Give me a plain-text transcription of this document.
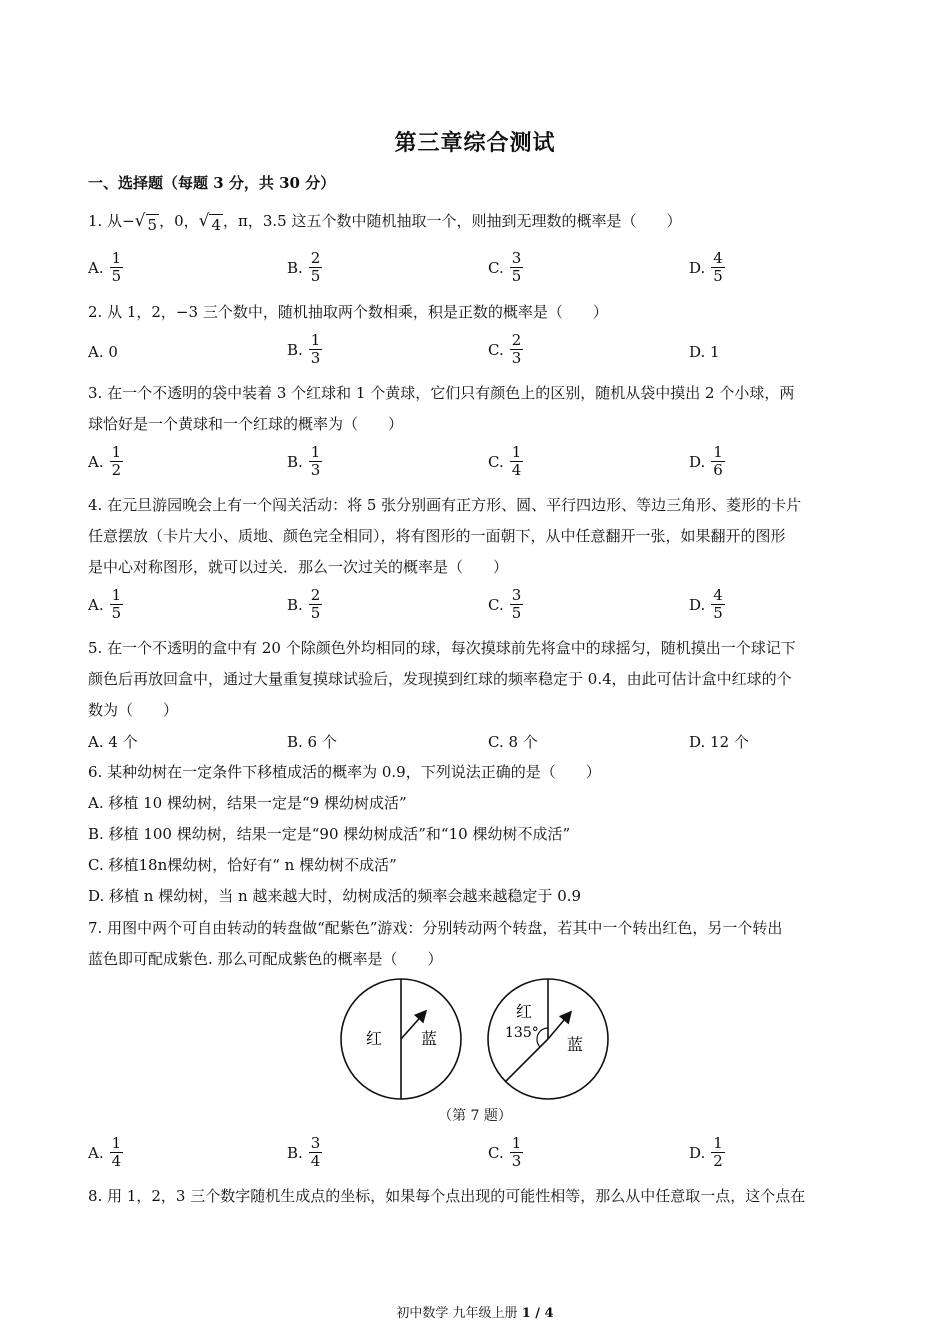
第三章综合测试
一、选择题（每题 3 分，共 30 分）
1. 从− √ 5 ，0， √ 4 ，π，3.5 这五个数中随机抽取一个，则抽到无理数的概率是（　　）
A. $\frac{1}{5}$	B. $\frac{2}{5}$	C. $\frac{3}{5}$	D. $\frac{4}{5}$
2. 从 1，2，−3 三个数中，随机抽取两个数相乘，积是正数的概率是（　　）
A. 0	B. $\frac{1}{3}$	C. $\frac{2}{3}$	D. 1
3. 在一个不透明的袋中装着 3 个红球和 1 个黄球，它们只有颜色上的区别，随机从袋中摸出 2 个小球，两
球恰好是一个黄球和一个红球的概率为（　　）
A. $\frac{1}{2}$	B. $\frac{1}{3}$	C. $\frac{1}{4}$	D. $\frac{1}{6}$
4. 在元旦游园晚会上有一个闯关活动：将 5 张分别画有正方形、圆、平行四边形、等边三角形、菱形的卡片
任意摆放（卡片大小、质地、颜色完全相同），将有图形的一面朝下，从中任意翻开一张，如果翻开的图形
是中心对称图形，就可以过关．那么一次过关的概率是（　　）
A. $\frac{1}{5}$	B. $\frac{2}{5}$	C. $\frac{3}{5}$	D. $\frac{4}{5}$
5. 在一个不透明的盒中有 20 个除颜色外均相同的球，每次摸球前先将盒中的球摇匀，随机摸出一个球记下
颜色后再放回盒中，通过大量重复摸球试验后，发现摸到红球的频率稳定于 0.4，由此可估计盒中红球的个
数为（　　）
A. 4 个	B. 6 个	C. 8 个	D. 12 个
6. 某种幼树在一定条件下移植成活的概率为 0.9，下列说法正确的是（　　）
A. 移植 10 棵幼树，结果一定是“9 棵幼树成活”
B. 移植 100 棵幼树，结果一定是“90 棵幼树成活”和“10 棵幼树不成活”
C. 移植18n棵幼树，恰好有“ n 棵幼树不成活”
D. 移植 n 棵幼树，当 n 越来越大时，幼树成活的频率会越来越稳定于 0.9
7. 用图中两个可自由转动的转盘做“配紫色”游戏：分别转动两个转盘，若其中一个转出红色，另一个转出
蓝色即可配成紫色. 那么可配成紫色的概率是（　　）
红 蓝
红
135°
蓝
（第 7 题）
A. $\frac{1}{4}$	B. $\frac{3}{4}$	C. $\frac{1}{3}$	D. $\frac{1}{2}$
8. 用 1，2，3 三个数字随机生成点的坐标，如果每个点出现的可能性相等，那么从中任意取一点，这个点在
初中数学 九年级上册 1 / 4
